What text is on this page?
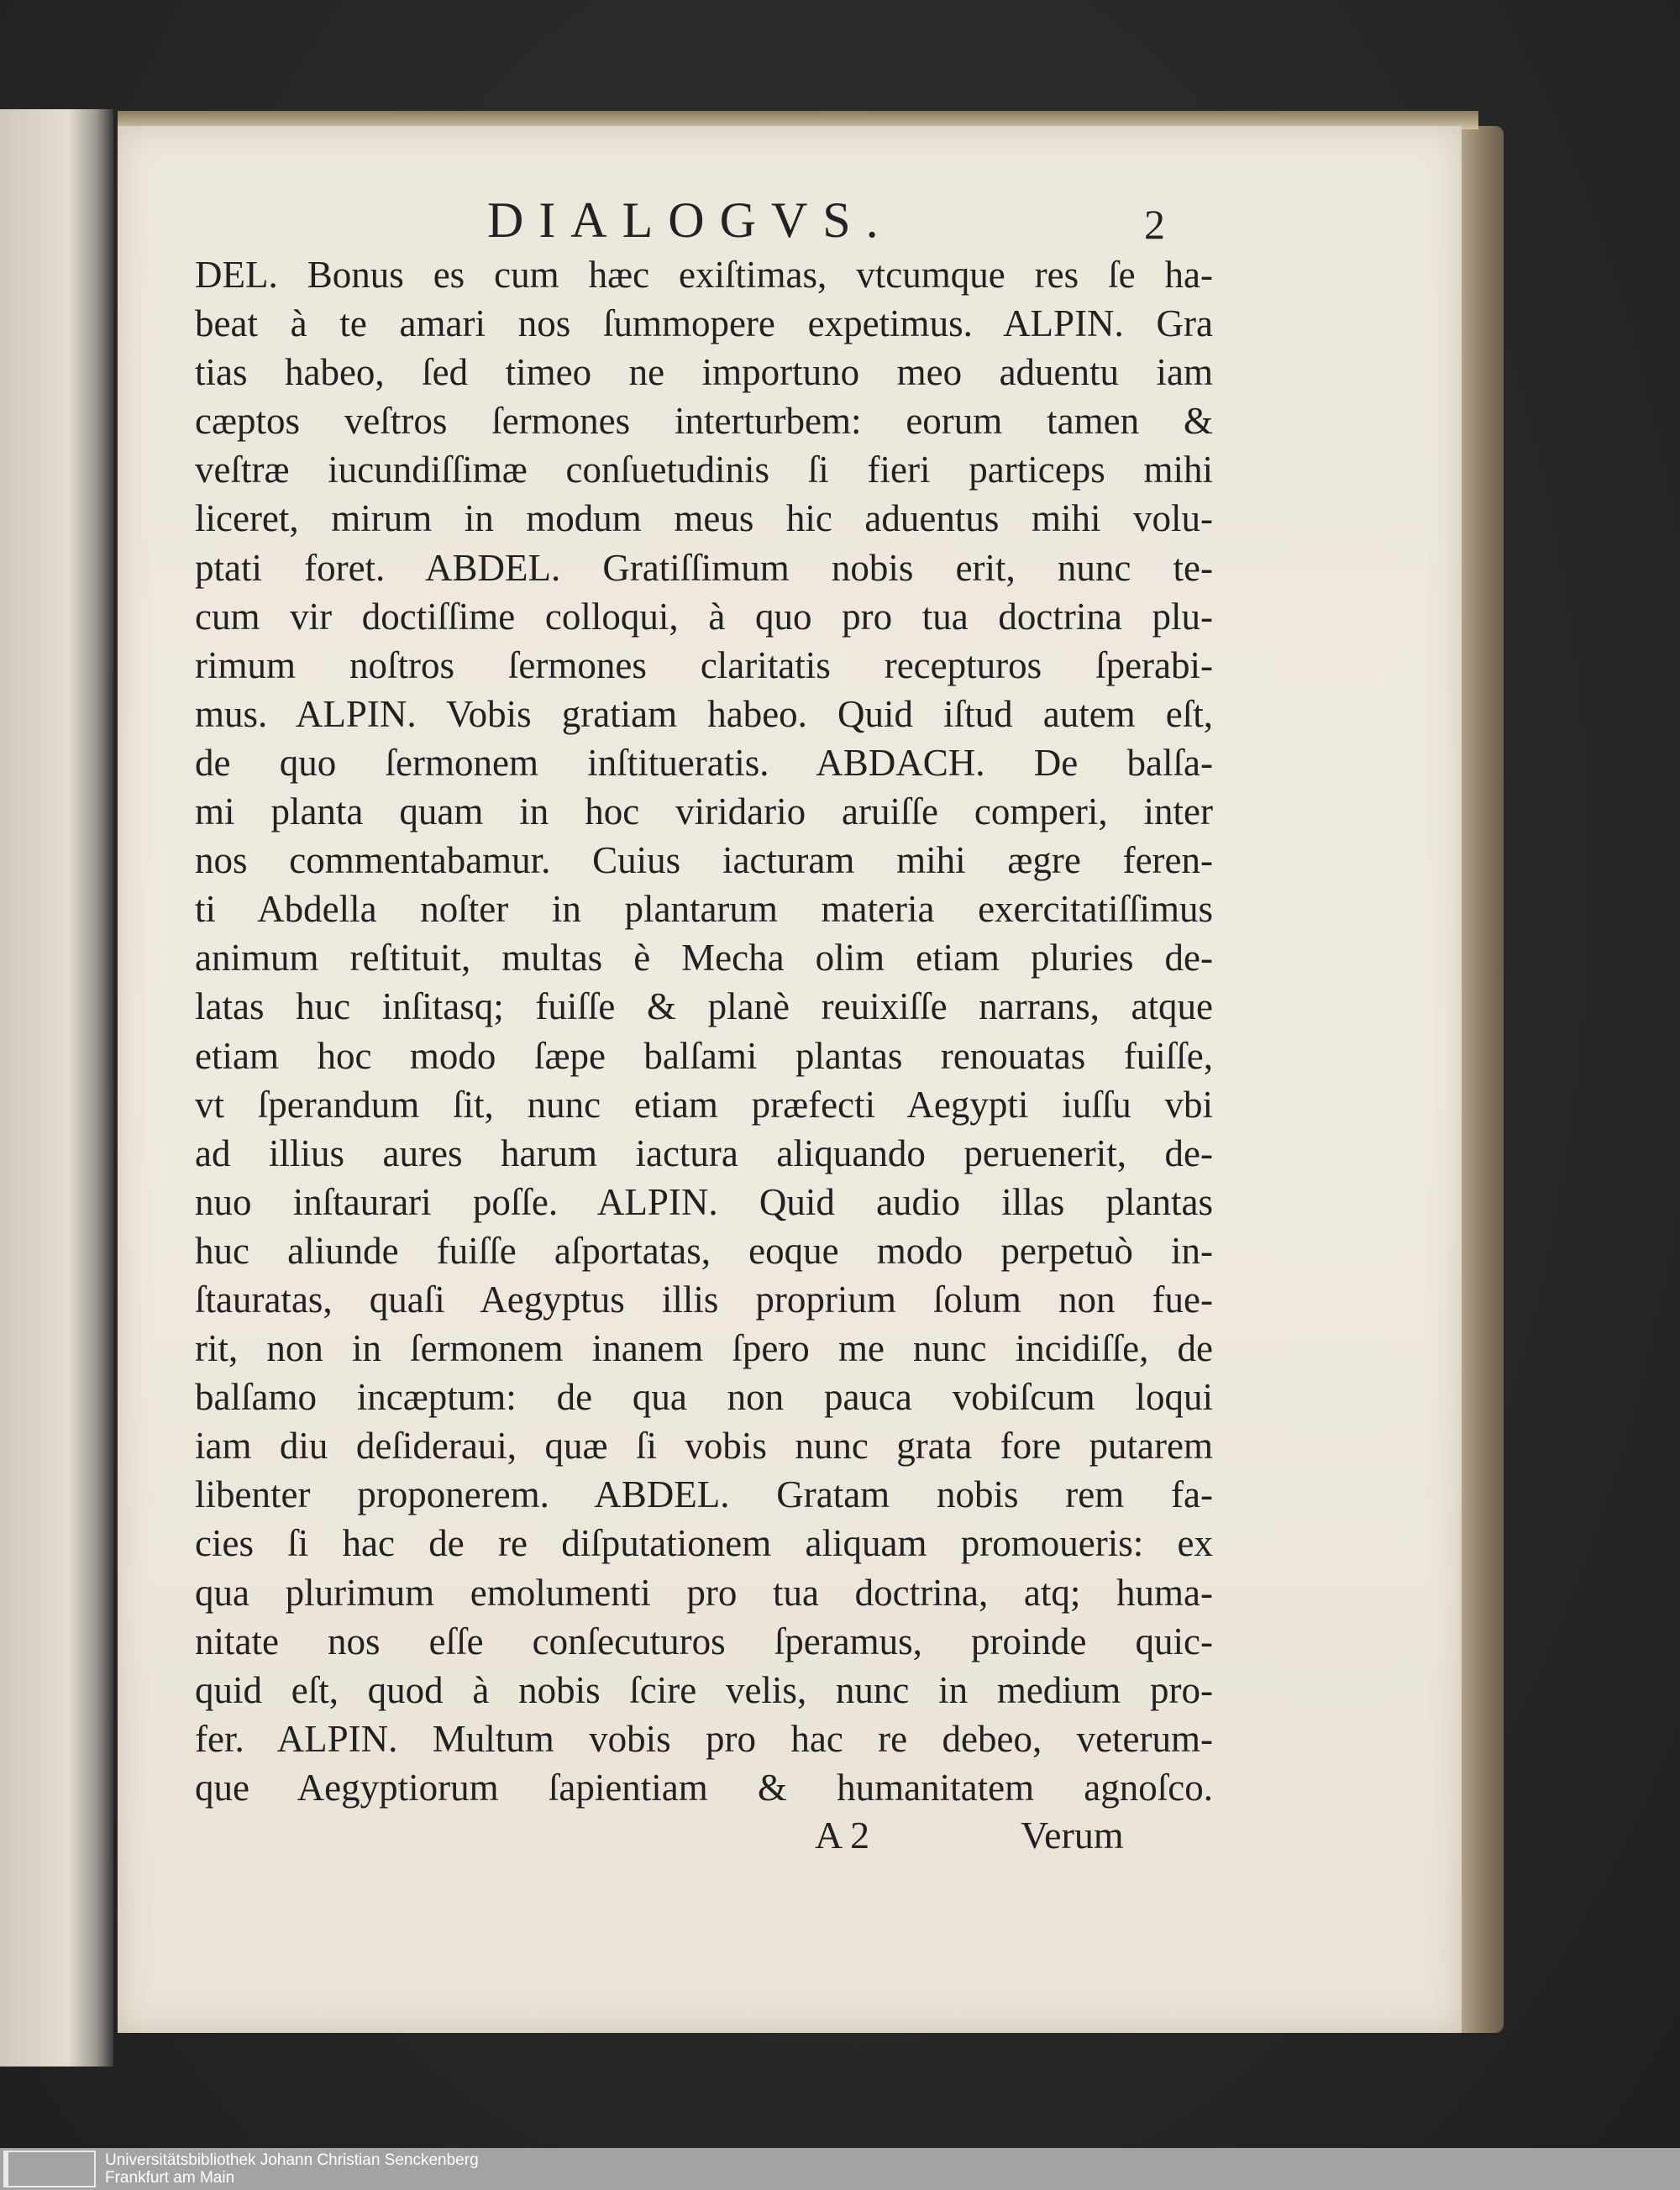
DIALOGVS.	2
DEL. Bonus es cum hæc exiſtimas, vtcumque res ſe ha-
beat à te amari nos ſummopere expetimus. ALPIN. Gra
tias habeo, ſed timeo ne importuno meo aduentu iam
cæptos veſtros ſermones interturbem: eorum tamen &
veſtræ iucundiſſimæ conſuetudinis ſi fieri particeps mihi
liceret, mirum in modum meus hic aduentus mihi volu-
ptati foret. ABDEL. Gratiſſimum nobis erit, nunc te-
cum vir doctiſſime colloqui, à quo pro tua doctrina plu-
rimum noſtros ſermones claritatis recepturos ſperabi-
mus. ALPIN. Vobis gratiam habeo. Quid iſtud autem eſt,
de quo ſermonem inſtitueratis. ABDACH. De balſa-
mi planta quam in hoc viridario aruiſſe comperi, inter
nos commentabamur. Cuius iacturam mihi ægre feren-
ti Abdella noſter in plantarum materia exercitatiſſimus
animum reſtituit, multas è Mecha olim etiam pluries de-
latas huc inſitasq; fuiſſe & planè reuixiſſe narrans, atque
etiam hoc modo ſæpe balſami plantas renouatas fuiſſe,
vt ſperandum ſit, nunc etiam præfecti Aegypti iuſſu vbi
ad illius aures harum iactura aliquando peruenerit, de-
nuo inſtaurari poſſe. ALPIN. Quid audio illas plantas
huc aliunde fuiſſe aſportatas, eoque modo perpetuò in-
ſtauratas, quaſi Aegyptus illis proprium ſolum non fue-
rit, non in ſermonem inanem ſpero me nunc incidiſſe, de
balſamo incæptum: de qua non pauca vobiſcum loqui
iam diu deſideraui, quæ ſi vobis nunc grata fore putarem
libenter proponerem. ABDEL. Gratam nobis rem fa-
cies ſi hac de re diſputationem aliquam promoueris: ex
qua plurimum emolumenti pro tua doctrina, atq; huma-
nitate nos eſſe conſecuturos ſperamus, proinde quic-
quid eſt, quod à nobis ſcire velis, nunc in medium pro-
fer. ALPIN. Multum vobis pro hac re debeo, veterum-
que Aegyptiorum ſapientiam & humanitatem agnoſco.
A 2	Verum
Universitätsbibliothek Johann Christian Senckenberg
Frankfurt am Main
